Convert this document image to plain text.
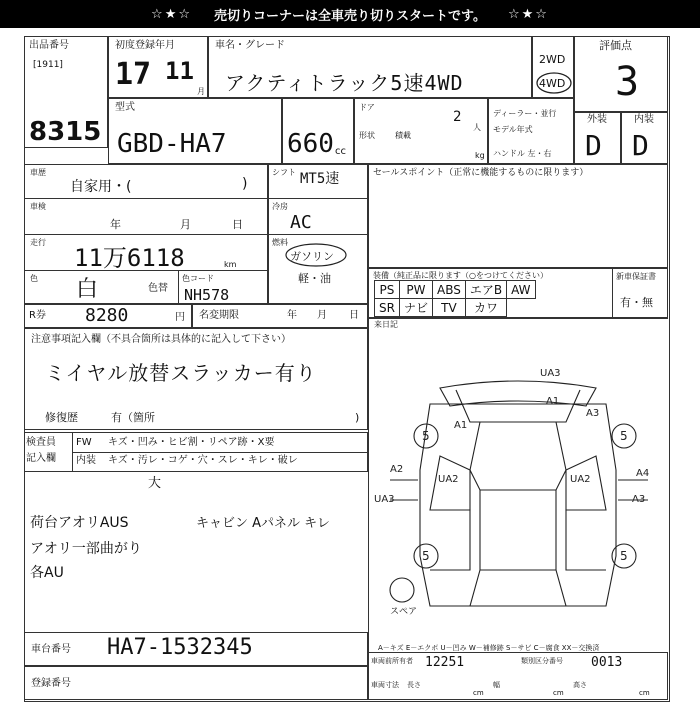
☆★☆ 売切りコーナーは全車売り切りスタートです。 ☆★☆
出品番号
[1911]
8315
初度登録年月
17 11
月
車名・グレード
アクティトラック5速4WD
2WD
4WD
評価点
3
型式
GBD-HA7 660 cc
ドア
形状	積載
kg
2
人
ディーラー・並行
モデル年式
ハンドル 左・右
外装
D
内装
D
車歴
自家用・(	)
車検
年	月	日
走行
11万6118	km
色 白	色替
色コード
NH578
シフト MT5速
冷房
AC
燃料
ガソリン
軽・油
セールスポイント（正常に機能するものに限ります）
装備（純正品に限ります（○をつけてください）
PS	PW	ABS	エアB	AW
SR	ナビ	TV	カワ	
新車保証書
有・無
R券 8280	円 名変期限	年 月 日
注意事項記入欄（不具合箇所は具体的に記入して下さい）
ミイヤル放替スラッカー有り
修復歴	有（箇所	)
来日記
検査員
記入欄
FW キズ・凹み・ヒビ割・リペア跡・X要
内装 キズ・汚レ・コゲ・穴・スレ・キレ・破レ
大
荷台アオリAUS	キャビン Aパネル キレ
アオリ一部曲がり
各AU
UA3
A1
A3
A1
A4
UA2	UA2
A2
UA3	A3
5	5
5	5
スペア
A－キズ E－エクボ U－凹み W－補修跡 S－サビ C－腐食 XX－交換済
車台番号 HA7-1532345
登録番号
車両前所有者 12251	類別区分番号 0013
車両寸法 長さ
cm
幅
cm
高さ
cm
